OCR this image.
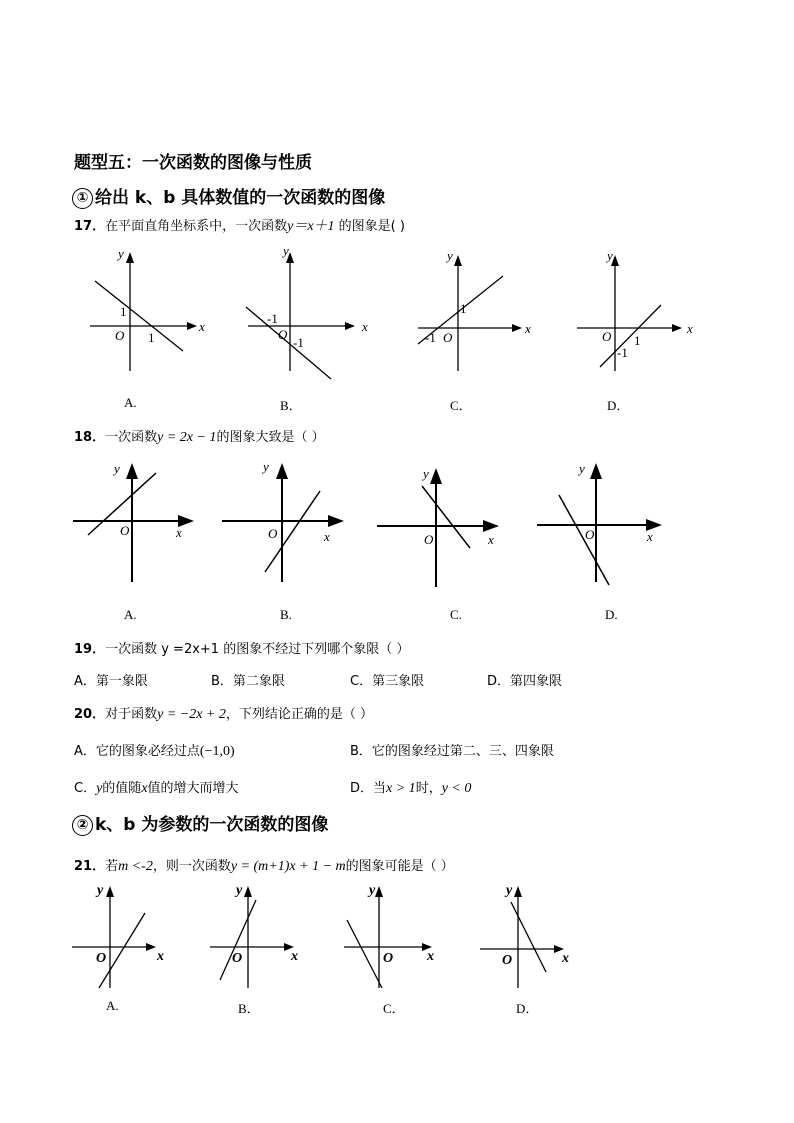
题型五：一次函数的图像与性质
① 给出 k、b 具体数值的一次函数的图像
17．在平面直角坐标系中，一次函数y＝x＋1 的图象是( )
y
x
O
1
1
y
x
O
-1
-1
y
x
O
1
-1
y
x
O 1
-1
A.	B．	C．	D．
18．一次函数y = 2x − 1的图象大致是（ ）
y
x
O
y
x
O
y
x
O
y
x
O
A.	B.	C.	D.
19．一次函数 y =2x+1 的图象不经过下列哪个象限（ ）
A．第一象限	B．第二象限	C．第三象限	D．第四象限
20．对于函数y = −2x + 2，下列结论正确的是（ ）
A．它的图象必经过点(−1,0)	B．它的图象经过第二、三、四象限
C．y的值随x值的增大而增大	D．当x > 1时，y < 0
② k、b 为参数的一次函数的图像
21．若m <-2，则一次函数y = (m+1)x + 1 − m的图象可能是（ ）
y
x
O
y
x
O
y
x
O
y
x
O
A.	B．	C．	D．
